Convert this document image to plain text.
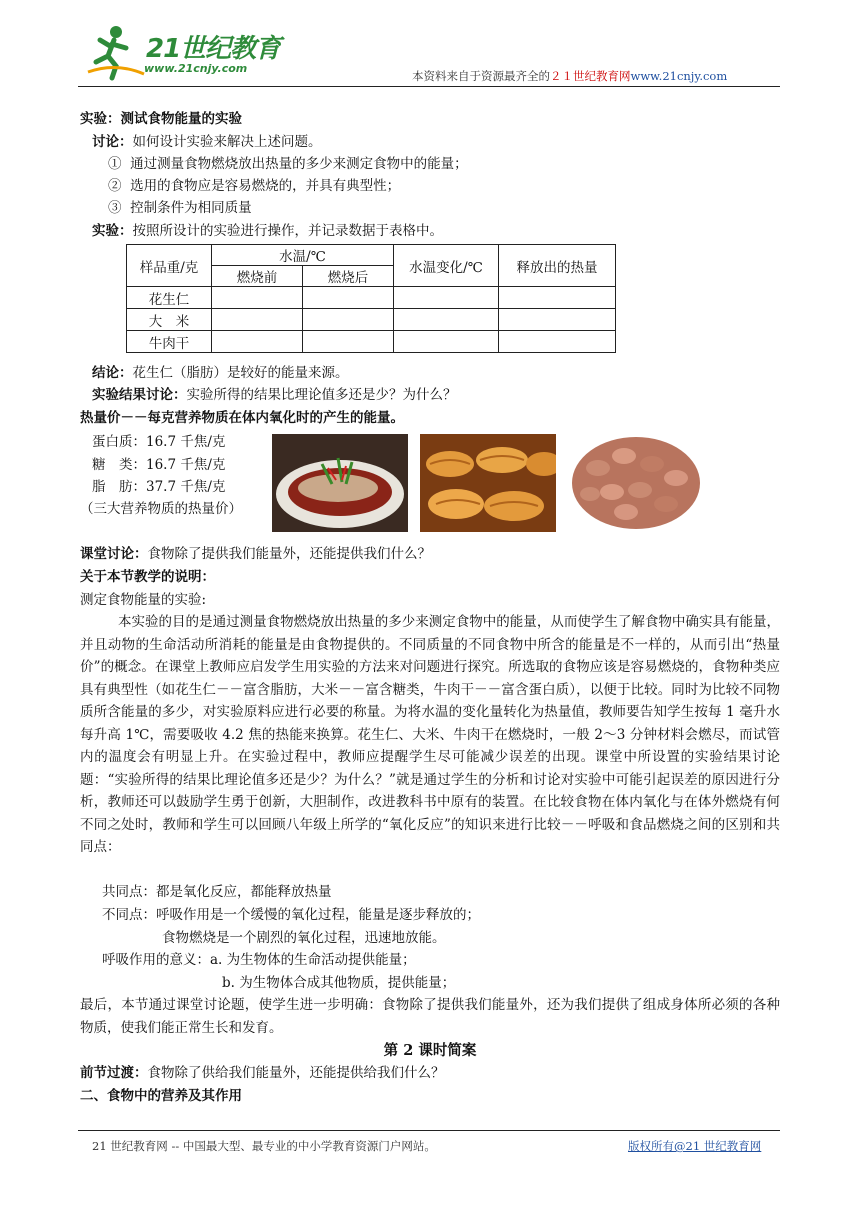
21世纪教育
www.21cnjy.com
本资料来自于资源最齐全的２１世纪教育网www.21cnjy.com
实验：测试食物能量的实验
讨论：如何设计实验来解决上述问题。
① 通过测量食物燃烧放出热量的多少来测定食物中的能量；
② 选用的食物应是容易燃烧的，并具有典型性；
③ 控制条件为相同质量
实验：按照所设计的实验进行操作，并记录数据于表格中。
样品重/克	水温/℃		水温变化/℃	释放出的热量
	燃烧前	燃烧后		
花生仁				
大　米				
牛肉干				
结论：花生仁（脂肪）是较好的能量来源。
实验结果讨论：实验所得的结果比理论值多还是少？为什么？
热量价－－每克营养物质在体内氧化时的产生的能量。
蛋白质：16.7 千焦/克
糖　类：16.7 千焦/克
脂　肪：37.7 千焦/克
（三大营养物质的热量价）
课堂讨论：食物除了提供我们能量外，还能提供我们什么？
关于本节教学的说明：
测定食物能量的实验:
本实验的目的是通过测量食物燃烧放出热量的多少来测定食物中的能量，从而使学生了解食物中确实具有能量，并且动物的生命活动所消耗的能量是由食物提供的。不同质量的不同食物中所含的能量是不一样的，从而引出“热量价”的概念。在课堂上教师应启发学生用实验的方法来对问题进行探究。所选取的食物应该是容易燃烧的，食物种类应具有典型性（如花生仁－－富含脂肪，大米－－富含糖类，牛肉干－－富含蛋白质），以便于比较。同时为比较不同物质所含能量的多少，对实验原料应进行必要的称量。为将水温的变化量转化为热量值，教师要告知学生按每 1 毫升水每升高 1℃，需要吸收 4.2 焦的热能来换算。花生仁、大米、牛肉干在燃烧时，一般 2～3 分钟材料会燃尽，而试管内的温度会有明显上升。在实验过程中，教师应提醒学生尽可能减少误差的出现。课堂中所设置的实验结果讨论题：“实验所得的结果比理论值多还是少？为什么？”就是通过学生的分析和讨论对实验中可能引起误差的原因进行分析，教师还可以鼓励学生勇于创新，大胆制作，改进教科书中原有的装置。在比较食物在体内氧化与在体外燃烧有何不同之处时，教师和学生可以回顾八年级上所学的“氧化反应”的知识来进行比较－－呼吸和食品燃烧之间的区别和共同点：
共同点：都是氧化反应，都能释放热量
不同点：呼吸作用是一个缓慢的氧化过程，能量是逐步释放的；
食物燃烧是一个剧烈的氧化过程，迅速地放能。
呼吸作用的意义：a. 为生物体的生命活动提供能量；
b. 为生物体合成其他物质，提供能量；
最后，本节通过课堂讨论题，使学生进一步明确：食物除了提供我们能量外，还为我们提供了组成身体所必须的各种物质，使我们能正常生长和发育。
第 2 课时简案
前节过渡：食物除了供给我们能量外，还能提供给我们什么？
二、食物中的营养及其作用
21 世纪教育网 -- 中国最大型、最专业的中小学教育资源门户网站。	版权所有@21 世纪教育网
